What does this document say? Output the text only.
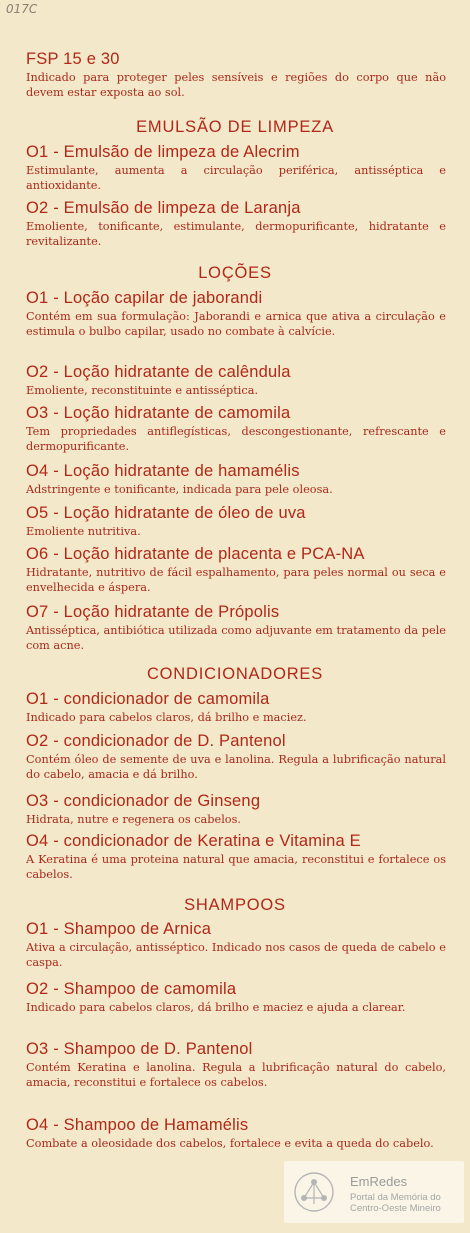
017C
FSP 15 e 30
Indicado para proteger peles sensíveis e regiões do corpo que não devem estar exposta ao sol.
EMULSÃO DE LIMPEZA
O1 - Emulsão de limpeza de Alecrim
Estimulante, aumenta a circulação periférica, antisséptica e antioxidante.
O2 - Emulsão de limpeza de Laranja
Emoliente, tonificante, estimulante, dermopurificante, hidratante e revitalizante.
LOÇÕES
O1 - Loção capilar de jaborandi
Contém em sua formulação: Jaborandi e arnica que ativa a circulação e estimula o bulbo capilar, usado no combate à calvície.
O2 - Loção hidratante de calêndula
Emoliente, reconstituinte e antisséptica.
O3 - Loção hidratante de camomila
Tem propriedades antiflegísticas, descongestionante, refrescante e dermopurificante.
O4 - Loção hidratante de hamamélis
Adstringente e tonificante, indicada para pele oleosa.
O5 - Loção hidratante de óleo de uva
Emoliente nutritiva.
O6 - Loção hidratante de placenta e PCA-NA
Hidratante, nutritivo de fácil espalhamento, para peles normal ou seca e envelhecida e áspera.
O7 - Loção hidratante de Própolis
Antisséptica, antibiótica utilizada como adjuvante em tratamento da pele com acne.
CONDICIONADORES
O1 - condicionador de camomila
Indicado para cabelos claros, dá brilho e maciez.
O2 - condicionador de D. Pantenol
Contém óleo de semente de uva e lanolina. Regula a lubrificação natural do cabelo, amacia e dá brilho.
O3 - condicionador de Ginseng
Hidrata, nutre e regenera os cabelos.
O4 - condicionador de Keratina e Vitamina E
A Keratina é uma proteina natural que amacia, reconstitui e fortalece os cabelos.
SHAMPOOS
O1 - Shampoo de Arnica
Ativa a circulação, antisséptico. Indicado nos casos de queda de cabelo e caspa.
O2 - Shampoo de camomila
Indicado para cabelos claros, dá brilho e maciez e ajuda a clarear.
O3 - Shampoo de D. Pantenol
Contém Keratina e lanolina. Regula a lubrificação natural do cabelo, amacia, reconstitui e fortalece os cabelos.
O4 - Shampoo de Hamamélis
Combate a oleosidade dos cabelos, fortalece e evita a queda do cabelo.
EmRedes
Portal da Memória do Centro-Oeste Mineiro
